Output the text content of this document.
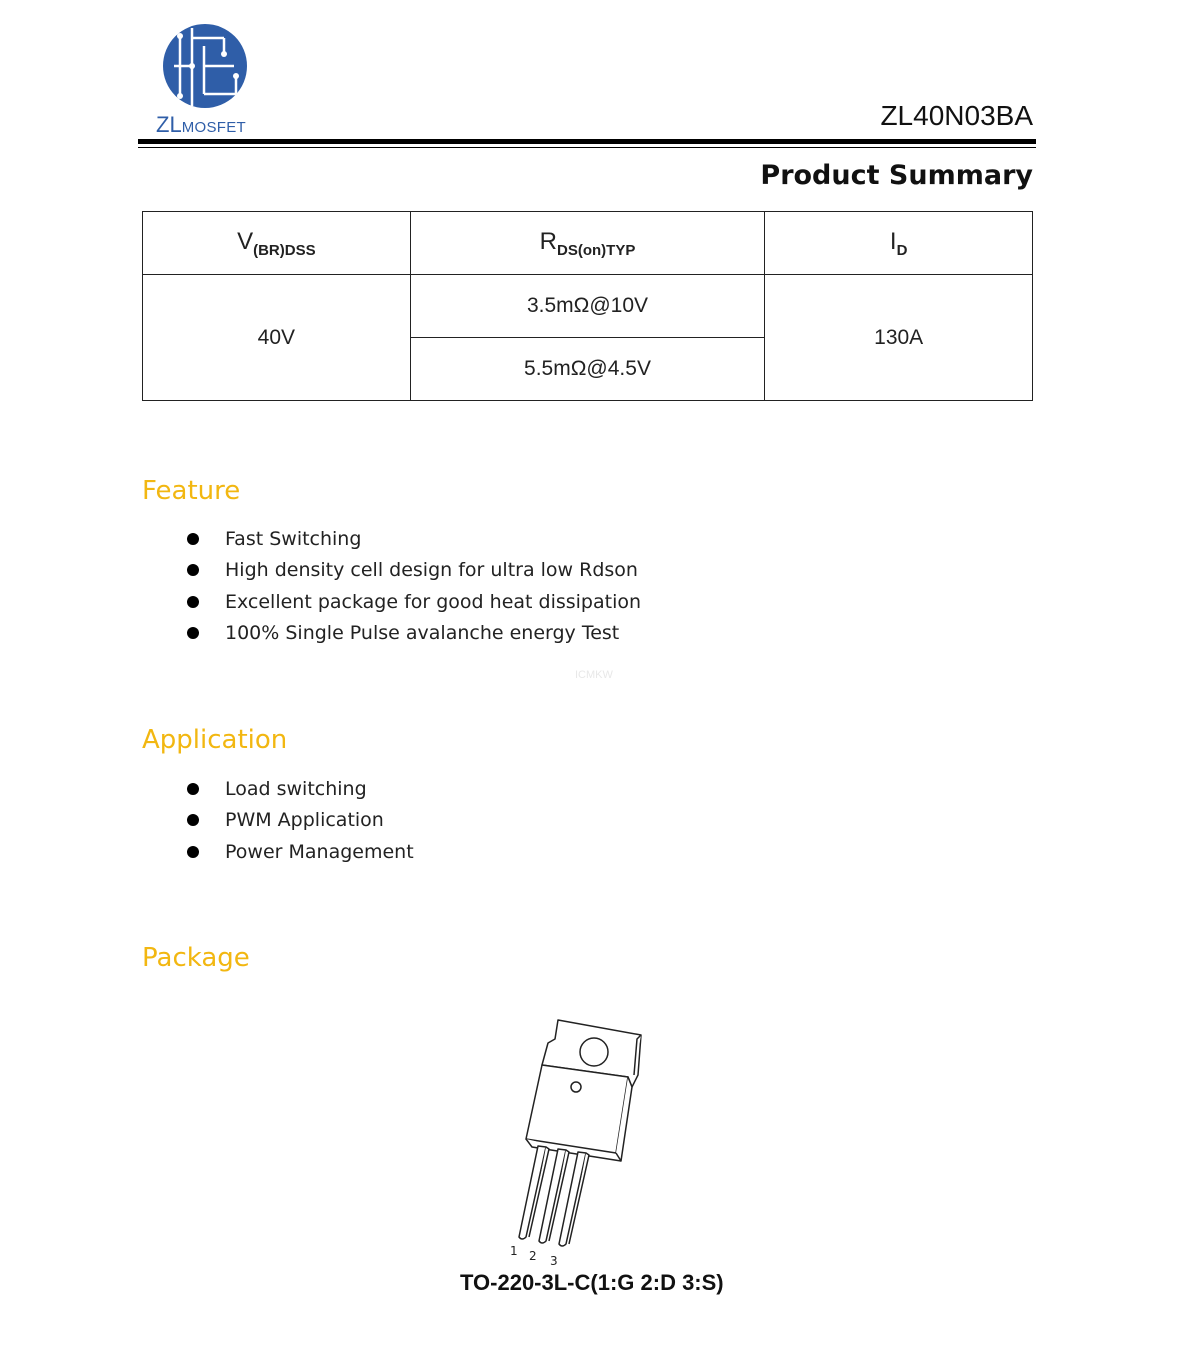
ZLMOSFET	ZL40N03BA
Product Summary
$V_{(BR)DSS}$	$R_{DS(on)TYP}$	$I_D$
40V	3.5mΩ@10V	130A
	5.5mΩ@4.5V	
Feature
Fast Switching
High density cell design for ultra low Rdson
Excellent package for good heat dissipation
100% Single Pulse avalanche energy Test
ICMKW
Application
Load switching
PWM Application
Power Management
Package
1 2 3
TO-220-3L-C(1:G 2:D 3:S)
